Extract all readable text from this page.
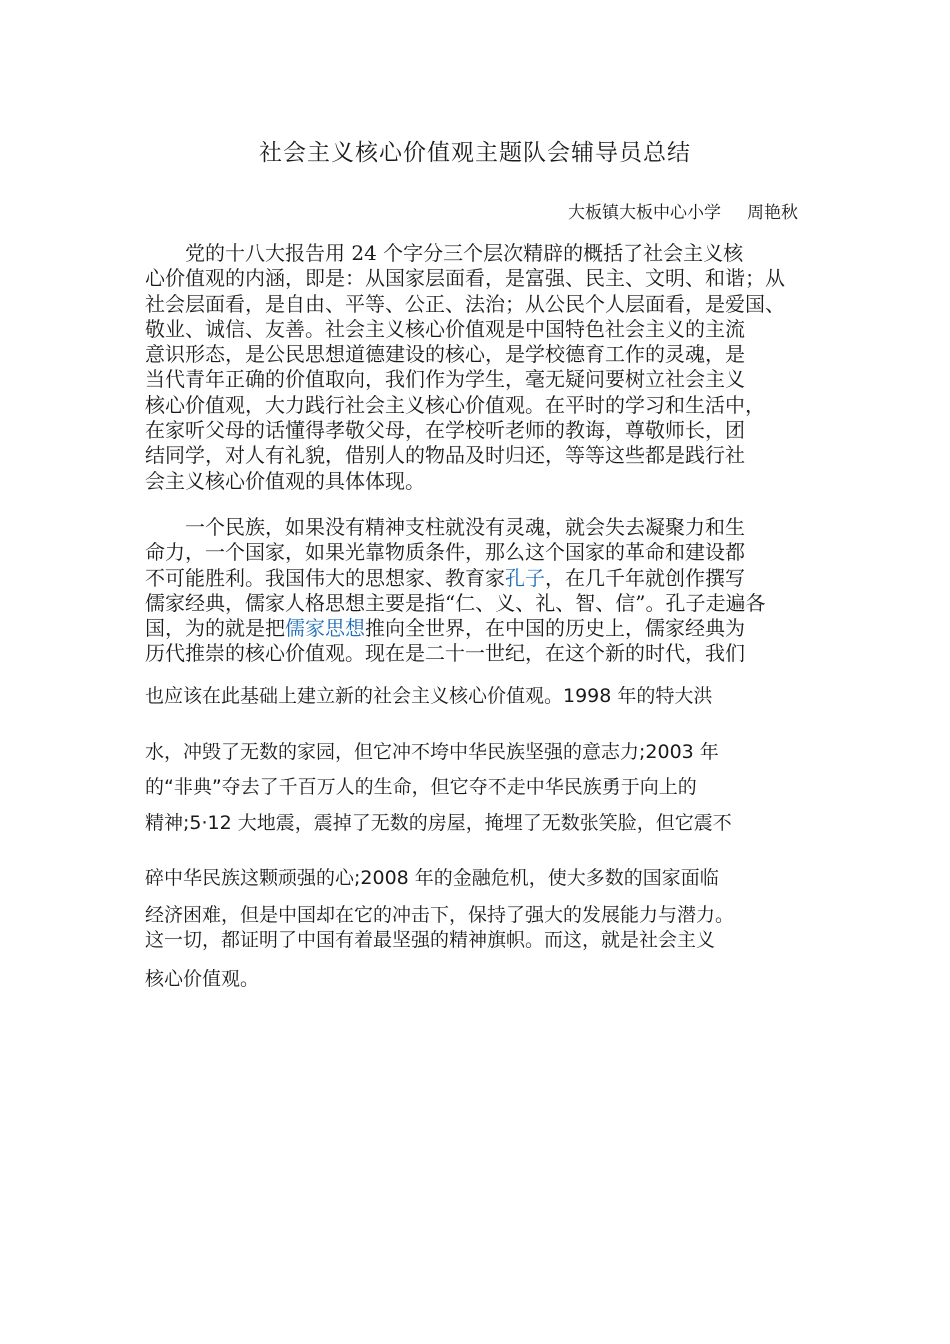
社会主义核心价值观主题队会辅导员总结
大板镇大板中心小学 周艳秋
党的十八大报告用 24 个字分三个层次精辟的概括了社会主义核
心价值观的内涵，即是：从国家层面看，是富强、民主、文明、和谐；从
社会层面看，是自由、平等、公正、法治；从公民个人层面看，是爱国、
敬业、诚信、友善。社会主义核心价值观是中国特色社会主义的主流
意识形态，是公民思想道德建设的核心，是学校德育工作的灵魂，是
当代青年正确的价值取向，我们作为学生，毫无疑问要树立社会主义
核心价值观，大力践行社会主义核心价值观。在平时的学习和生活中，
在家听父母的话懂得孝敬父母，在学校听老师的教诲，尊敬师长，团
结同学，对人有礼貌，借别人的物品及时归还，等等这些都是践行社
会主义核心价值观的具体体现。
一个民族，如果没有精神支柱就没有灵魂，就会失去凝聚力和生
命力，一个国家，如果光靠物质条件，那么这个国家的革命和建设都
不可能胜利。我国伟大的思想家、教育家孔子，在几千年就创作撰写
儒家经典，儒家人格思想主要是指“仁、义、礼、智、信”。孔子走遍各
国，为的就是把儒家思想推向全世界，在中国的历史上，儒家经典为
历代推崇的核心价值观。现在是二十一世纪，在这个新的时代，我们
也应该在此基础上建立新的社会主义核心价值观。1998 年的特大洪
水，冲毁了无数的家园，但它冲不垮中华民族坚强的意志力;2003 年
的“非典”夺去了千百万人的生命，但它夺不走中华民族勇于向上的
精神;5·12 大地震，震掉了无数的房屋，掩埋了无数张笑脸，但它震不
碎中华民族这颗顽强的心;2008 年的金融危机，使大多数的国家面临
经济困难，但是中国却在它的冲击下，保持了强大的发展能力与潜力。
这一切，都证明了中国有着最坚强的精神旗帜。而这，就是社会主义
核心价值观。
